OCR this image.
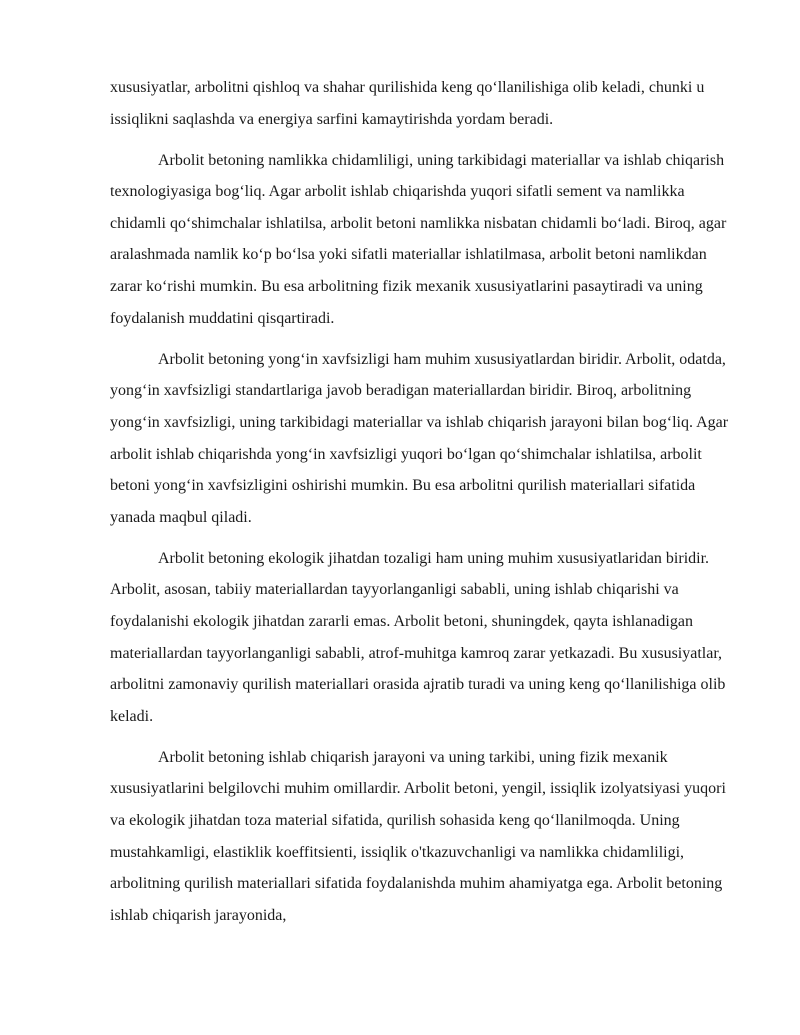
xususiyatlar, arbolitni qishloq va shahar qurilishida keng qo‘llanilishiga olib keladi, chunki u issiqlikni saqlashda va energiya sarfini kamaytirishda yordam beradi.

Arbolit betoning namlikka chidamliligi, uning tarkibidagi materiallar va ishlab chiqarish texnologiyasiga bog‘liq. Agar arbolit ishlab chiqarishda yuqori sifatli sement va namlikka chidamli qo‘shimchalar ishlatilsa, arbolit betoni namlikka nisbatan chidamli bo‘ladi. Biroq, agar aralashmada namlik ko‘p bo‘lsa yoki sifatli materiallar ishlatilmasa, arbolit betoni namlikdan zarar ko‘rishi mumkin. Bu esa arbolitning fizik mexanik xususiyatlarini pasaytiradi va uning foydalanish muddatini qisqartiradi.

Arbolit betoning yong‘in xavfsizligi ham muhim xususiyatlardan biridir. Arbolit, odatda, yong‘in xavfsizligi standartlariga javob beradigan materiallardan biridir. Biroq, arbolitning yong‘in xavfsizligi, uning tarkibidagi materiallar va ishlab chiqarish jarayoni bilan bog‘liq. Agar arbolit ishlab chiqarishda yong‘in xavfsizligi yuqori bo‘lgan qo‘shimchalar ishlatilsa, arbolit betoni yong‘in xavfsizligini oshirishi mumkin. Bu esa arbolitni qurilish materiallari sifatida yanada maqbul qiladi.

Arbolit betoning ekologik jihatdan tozaligi ham uning muhim xususiyatlaridan biridir. Arbolit, asosan, tabiiy materiallardan tayyorlanganligi sababli, uning ishlab chiqarishi va foydalanishi ekologik jihatdan zararli emas. Arbolit betoni, shuningdek, qayta ishlanadigan materiallardan tayyorlanganligi sababli, atrof-muhitga kamroq zarar yetkazadi. Bu xususiyatlar, arbolitni zamonaviy qurilish materiallari orasida ajratib turadi va uning keng qo‘llanilishiga olib keladi.

Arbolit betoning ishlab chiqarish jarayoni va uning tarkibi, uning fizik mexanik xususiyatlarini belgilovchi muhim omillardir. Arbolit betoni, yengil, issiqlik izolyatsiyasi yuqori va ekologik jihatdan toza material sifatida, qurilish sohasida keng qo‘llanilmoqda. Uning mustahkamligi, elastiklik koeffitsienti, issiqlik o'tkazuvchanligi va namlikka chidamliligi, arbolitning qurilish materiallari sifatida foydalanishda muhim ahamiyatga ega. Arbolit betoning ishlab chiqarish jarayonida,
